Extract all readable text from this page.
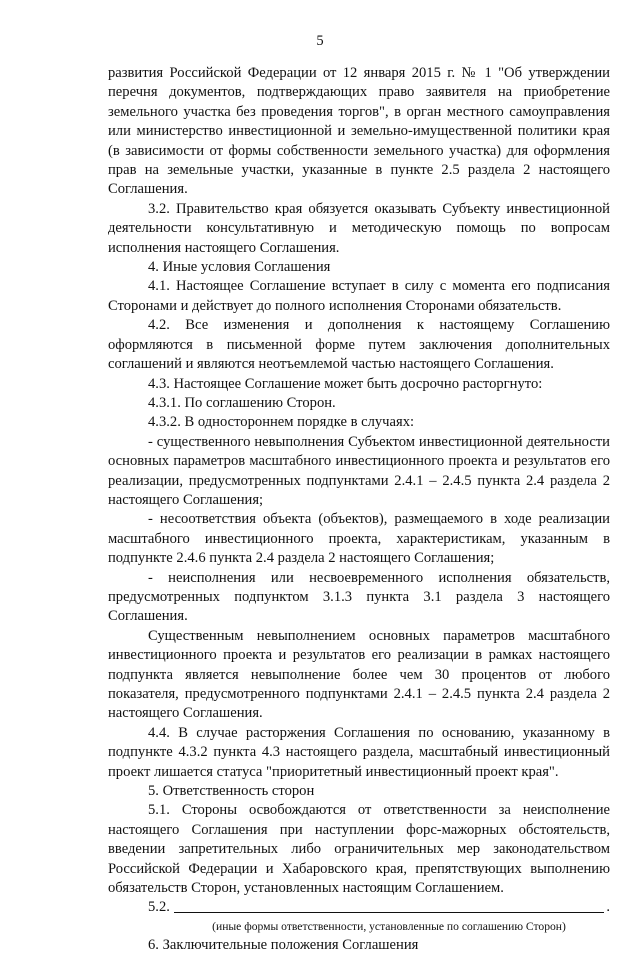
5

развития Российской Федерации от 12 января 2015 г. № 1 "Об утверждении перечня документов, подтверждающих право заявителя на приобретение земельного участка без проведения торгов", в орган местного самоуправления или министерство инвестиционной и земельно-имущественной политики края (в зависимости от формы собственности земельного участка) для оформления прав на земельные участки, указанные в пункте 2.5 раздела 2 настоящего Соглашения.

3.2. Правительство края обязуется оказывать Субъекту инвестиционной деятельности консультативную и методическую помощь по вопросам исполнения настоящего Соглашения.

4. Иные условия Соглашения

4.1. Настоящее Соглашение вступает в силу с момента его подписания Сторонами и действует до полного исполнения Сторонами обязательств.

4.2. Все изменения и дополнения к настоящему Соглашению оформляются в письменной форме путем заключения дополнительных соглашений и являются неотъемлемой частью настоящего Соглашения.

4.3. Настоящее Соглашение может быть досрочно расторгнуто:

4.3.1. По соглашению Сторон.

4.3.2. В одностороннем порядке в случаях:

- существенного невыполнения Субъектом инвестиционной деятельности основных параметров масштабного инвестиционного проекта и результатов его реализации, предусмотренных подпунктами 2.4.1 – 2.4.5 пункта 2.4 раздела 2 настоящего Соглашения;

- несоответствия объекта (объектов), размещаемого в ходе реализации масштабного инвестиционного проекта, характеристикам, указанным в подпункте 2.4.6 пункта 2.4 раздела 2 настоящего Соглашения;

- неисполнения или несвоевременного исполнения обязательств, предусмотренных подпунктом 3.1.3 пункта 3.1 раздела 3 настоящего Соглашения.

Существенным невыполнением основных параметров масштабного инвестиционного проекта и результатов его реализации в рамках настоящего подпункта является невыполнение более чем 30 процентов от любого показателя, предусмотренного подпунктами 2.4.1 – 2.4.5 пункта 2.4 раздела 2 настоящего Соглашения.

4.4. В случае расторжения Соглашения по основанию, указанному в подпункте 4.3.2 пункта 4.3 настоящего раздела, масштабный инвестиционный проект лишается статуса "приоритетный инвестиционный проект края".

5. Ответственность сторон

5.1. Стороны освобождаются от ответственности за неисполнение настоящего Соглашения при наступлении форс-мажорных обстоятельств, введении запретительных либо ограничительных мер законодательством Российской Федерации и Хабаровского края, препятствующих выполнению обязательств Сторон, установленных настоящим Соглашением.

5.2.	.
(иные формы ответственности, установленные по соглашению Сторон)

6. Заключительные положения Соглашения
